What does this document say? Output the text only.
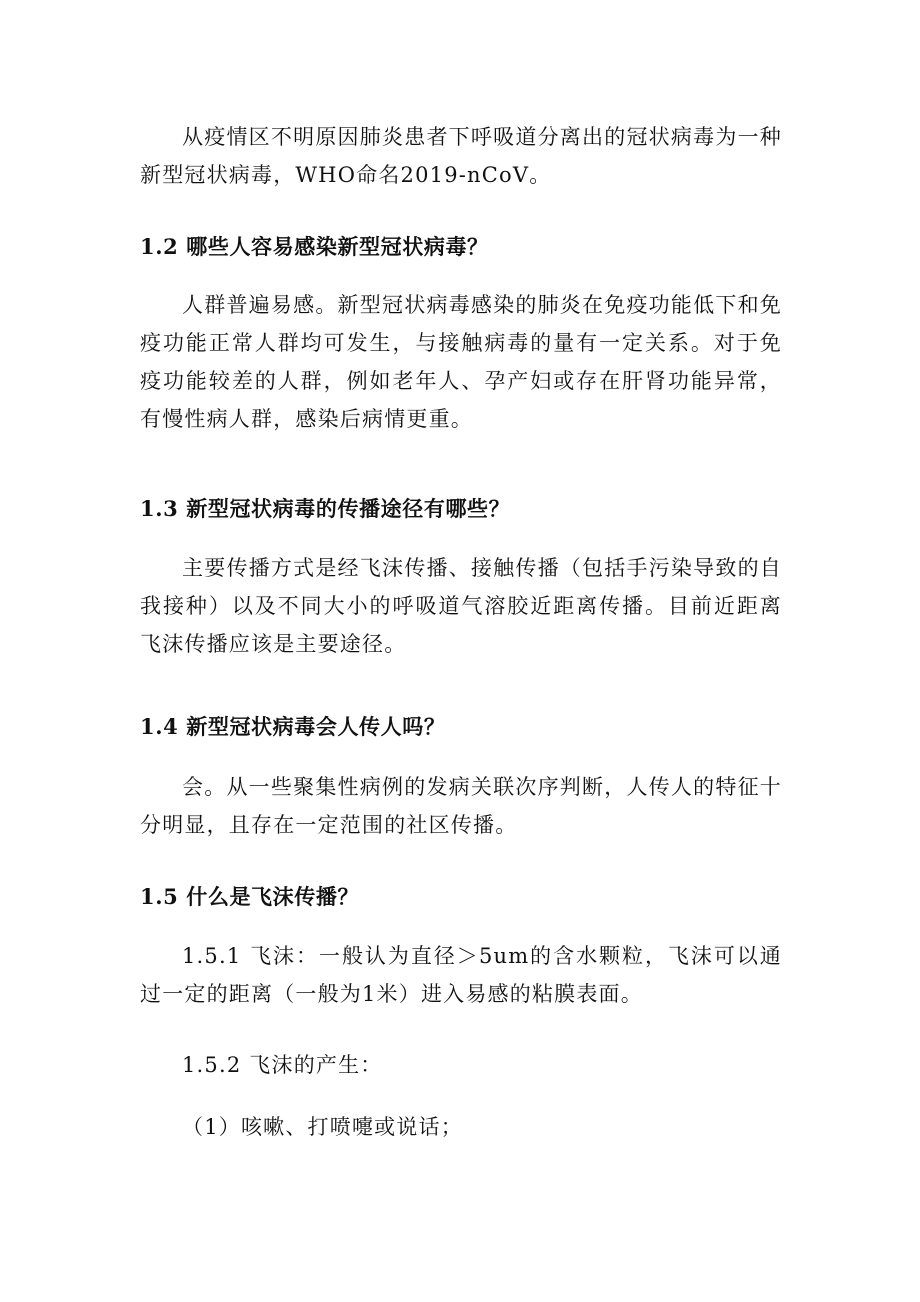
从疫情区不明原因肺炎患者下呼吸道分离出的冠状病毒为一种新型冠状病毒，WHO命名2019-nCoV。

1.2 哪些人容易感染新型冠状病毒？

人群普遍易感。新型冠状病毒感染的肺炎在免疫功能低下和免疫功能正常人群均可发生，与接触病毒的量有一定关系。对于免疫功能较差的人群，例如老年人、孕产妇或存在肝肾功能异常，有慢性病人群，感染后病情更重。

1.3 新型冠状病毒的传播途径有哪些？

主要传播方式是经飞沫传播、接触传播（包括手污染导致的自我接种）以及不同大小的呼吸道气溶胶近距离传播。目前近距离飞沫传播应该是主要途径。

1.4 新型冠状病毒会人传人吗？

会。从一些聚集性病例的发病关联次序判断，人传人的特征十分明显，且存在一定范围的社区传播。

1.5 什么是飞沫传播？

1.5.1 飞沫：一般认为直径＞5um的含水颗粒，飞沫可以通过一定的距离（一般为1米）进入易感的粘膜表面。

1.5.2 飞沫的产生：

（1）咳嗽、打喷嚏或说话；
